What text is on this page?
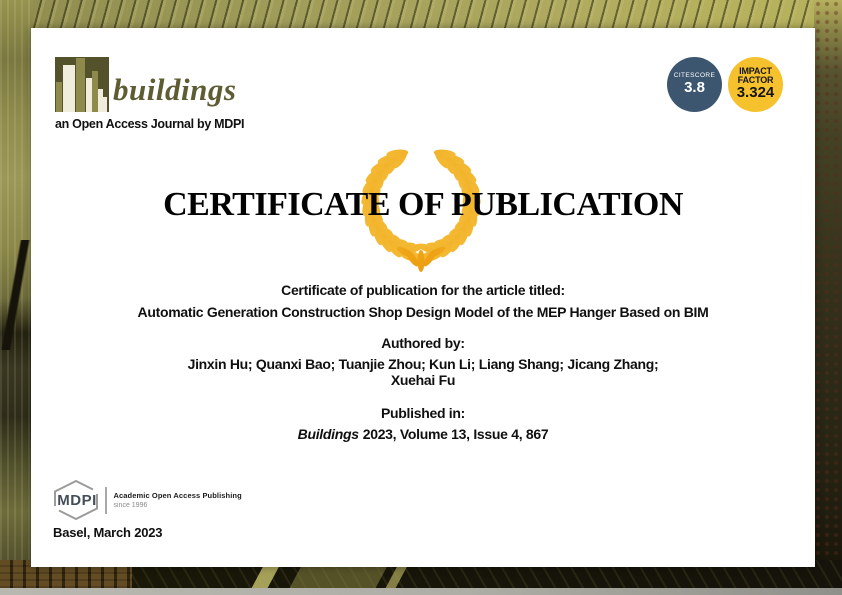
buildings
an Open Access Journal by MDPI
CITESCORE
3.8
IMPACT FACTOR
3.324
CERTIFICATE OF PUBLICATION
Certificate of publication for the article titled:
Automatic Generation Construction Shop Design Model of the MEP Hanger Based on BIM
Authored by:
Jinxin Hu; Quanxi Bao; Tuanjie Zhou; Kun Li; Liang Shang; Jicang Zhang;
Xuehai Fu
Published in:
Buildings 2023, Volume 13, Issue 4, 867
MDPI Academic Open Access Publishing
since 1996
Basel, March 2023
